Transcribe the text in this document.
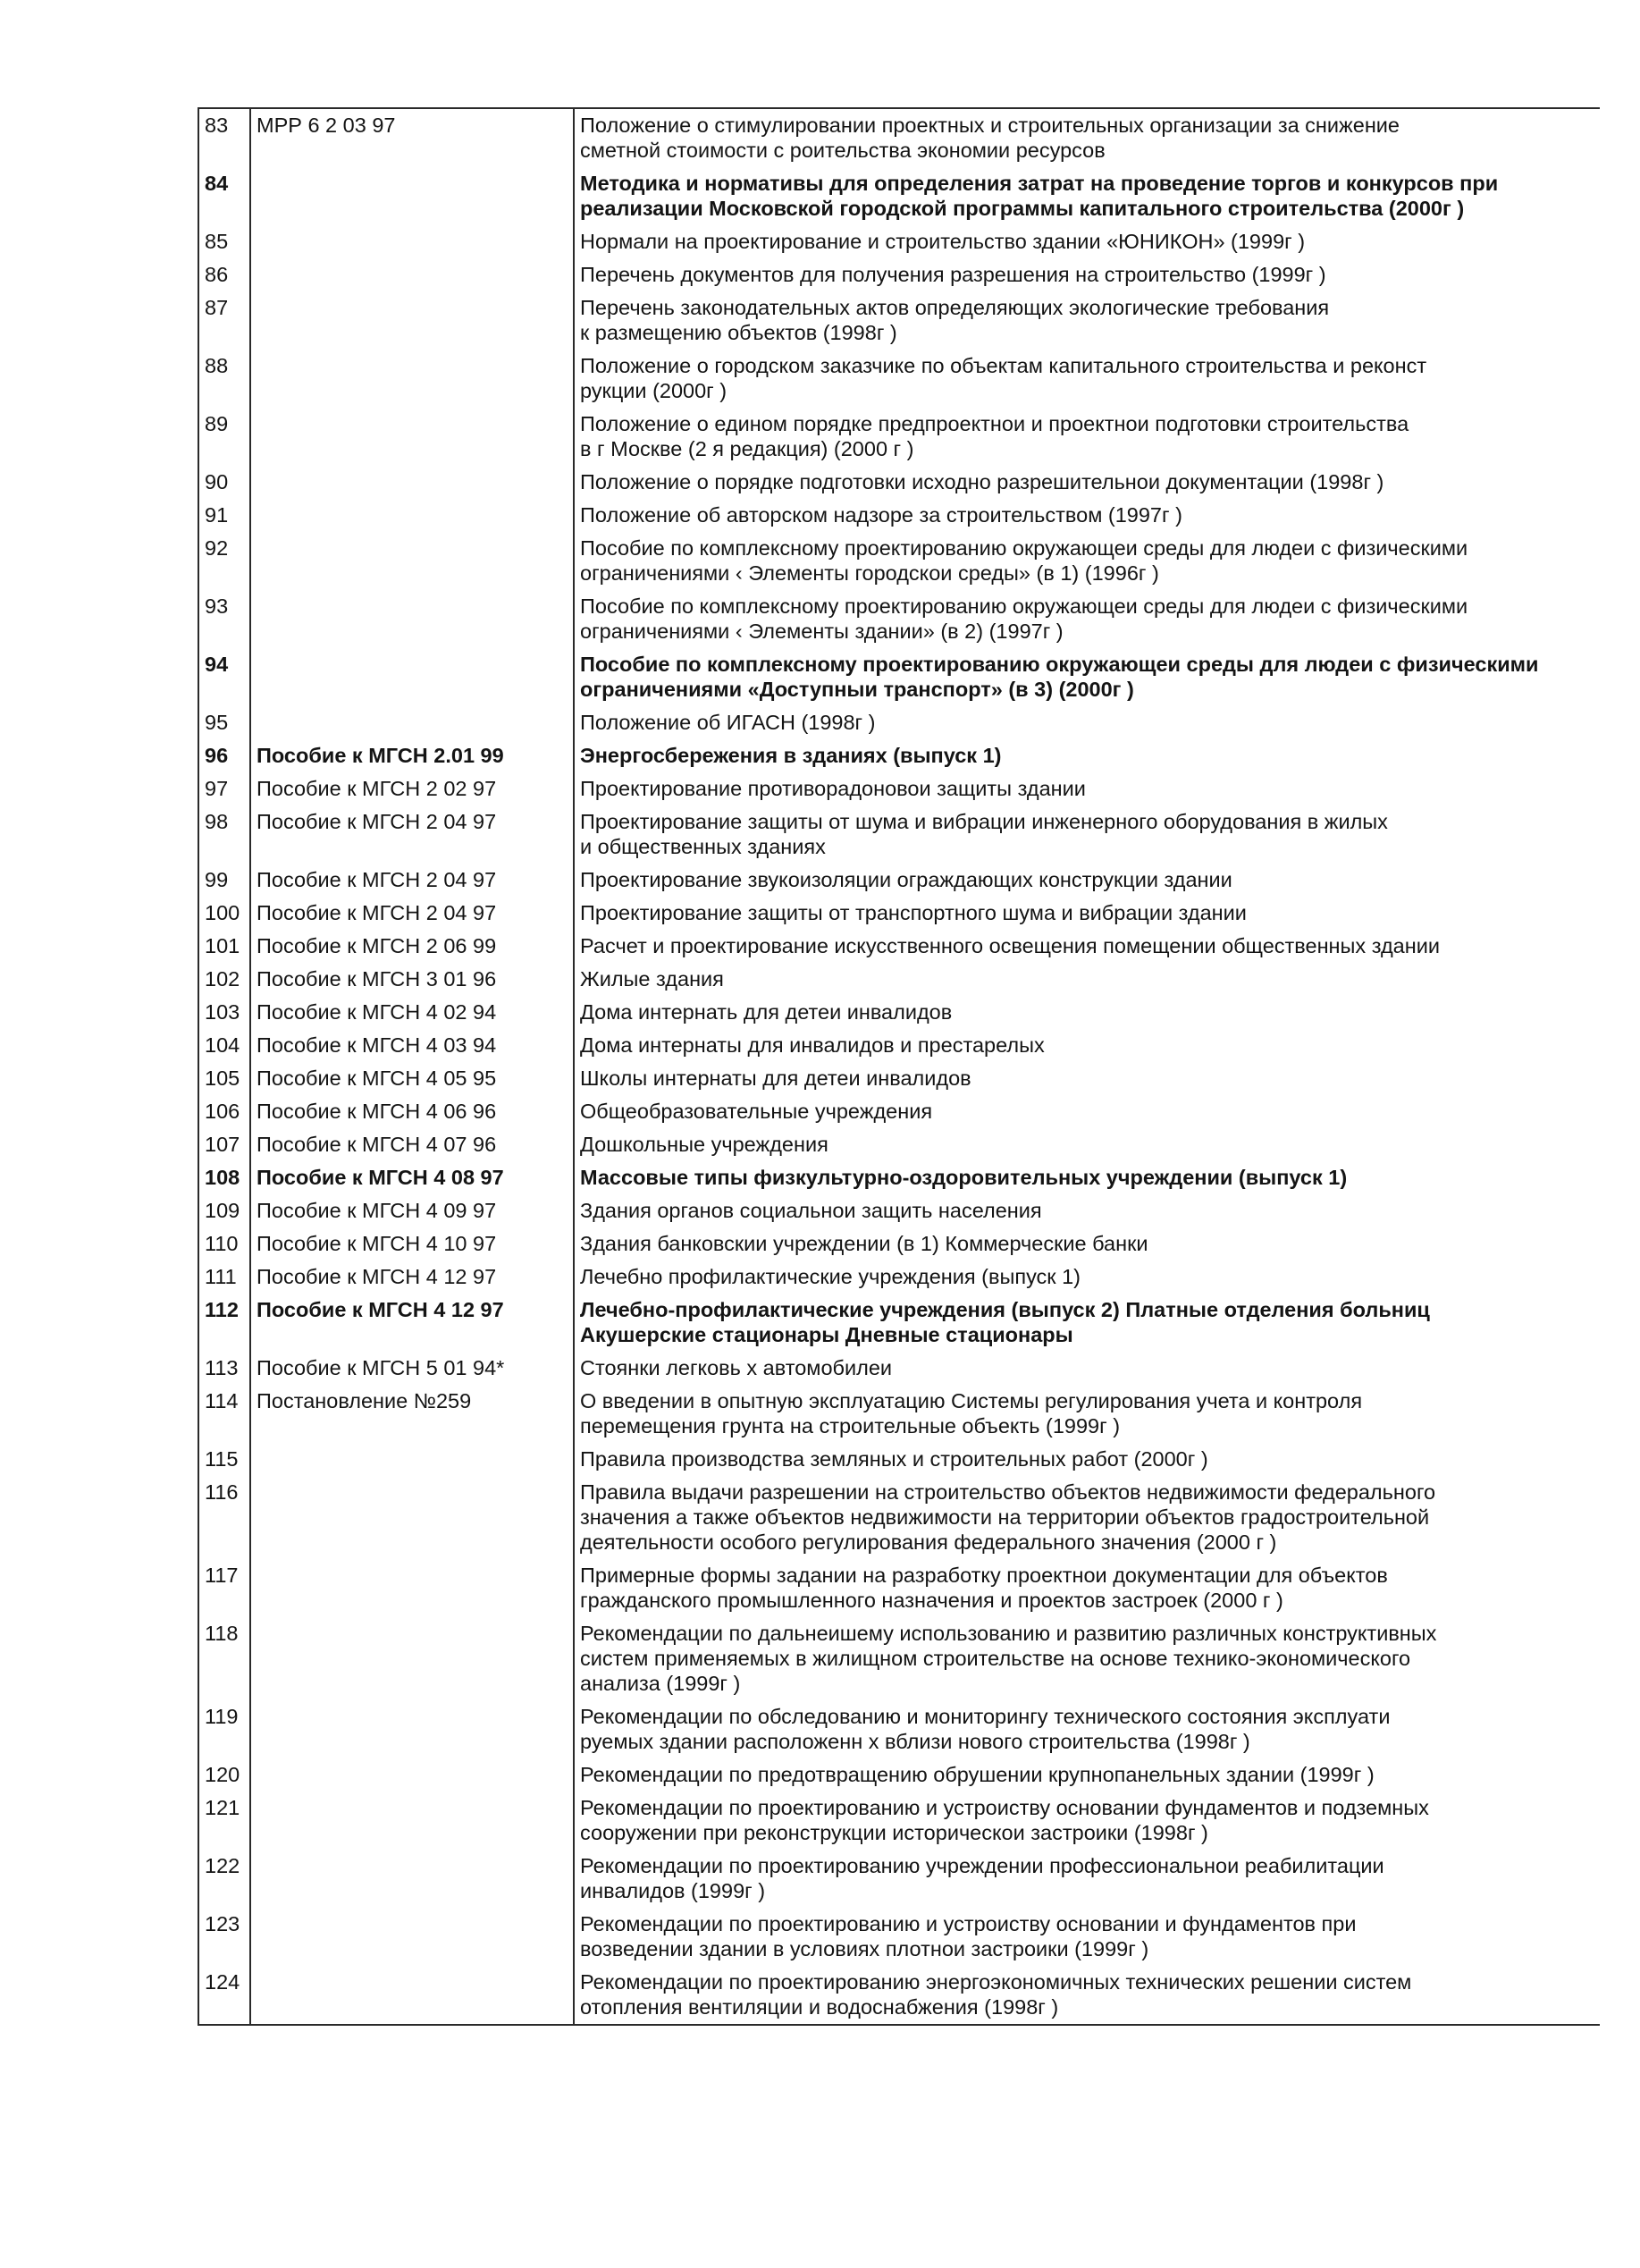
83	МРР 6 2 03 97	Положение о стимулировании проектных и строительных организации за снижение
сметной стоимости с роительства экономии ресурсов
84		Методика и нормативы для определения затрат на проведение торгов и конкурсов при
реализации Московской городской программы капитального строительства (2000г )
85		Нормали на проектирование и строительство здании «ЮНИКОН» (1999г )
86		Перечень документов для получения разрешения на строительство (1999г )
87		Перечень законодательных актов определяющих экологические требования
к размещению объектов (1998г )
88		Положение о городском заказчике по объектам капитального строительства и реконст
рукции (2000г )
89		Положение о едином порядке предпроектнои и проектнои подготовки строительства
в г Москве (2 я редакция) (2000 г )
90		Положение о порядке подготовки исходно разрешительнои документации (1998г )
91		Положение об авторском надзоре за строительством (1997г )
92		Пособие по комплексному проектированию окружающеи среды для людеи с физическими
ограничениями ‹ Элементы городскои среды» (в 1) (1996г )
93		Пособие по комплексному проектированию окружающеи среды для людеи с физическими
ограничениями ‹ Элементы здании» (в 2) (1997г )
94		Пособие по комплексному проектированию окружающеи среды для людеи с физическими
ограничениями «Доступныи транспорт» (в 3) (2000г )
95		Положение об ИГАСН (1998г )
96	Пособие к МГСН 2.01 99	Энергосбережения в зданиях (выпуск 1)
97	Пособие к МГСН 2 02 97	Проектирование противорадоновои защиты здании
98	Пособие к МГСН 2 04 97	Проектирование защиты от шума и вибрации инженерного оборудования в жилых
и общественных зданиях
99	Пособие к МГСН 2 04 97	Проектирование звукоизоляции ограждающих конструкции здании
100	Пособие к МГСН 2 04 97	Проектирование защиты от транспортного шума и вибрации здании
101	Пособие к МГСН 2 06 99	Расчет и проектирование искусственного освещения помещении общественных здании
102	Пособие к МГСН 3 01 96	Жилые здания
103	Пособие к МГСН 4 02 94	Дома интернать для детеи инвалидов
104	Пособие к МГСН 4 03 94	Дома интернаты для инвалидов и престарелых
105	Пособие к МГСН 4 05 95	Школы интернаты для детеи инвалидов
106	Пособие к МГСН 4 06 96	Общеобразовательные учреждения
107	Пособие к МГСН 4 07 96	Дошкольные учреждения
108	Пособие к МГСН 4 08 97	Массовые типы физкультурно-оздоровительных учреждении (выпуск 1)
109	Пособие к МГСН 4 09 97	Здания органов социальнои защить населения
110	Пособие к МГСН 4 10 97	Здания банковскии учреждении (в 1) Коммерческие банки
111	Пособие к МГСН 4 12 97	Лечебно профилактические учреждения (выпуск 1)
112	Пособие к МГСН 4 12 97	Лечебно-профилактические учреждения (выпуск 2) Платные отделения больниц
Акушерские стационары Дневные стационары
113	Пособие к МГСН 5 01 94*	Стоянки легковь х автомобилеи
114	Постановление №259	О введении в опытную эксплуатацию Системы регулирования учета и контроля
перемещения грунта на строительные объекть (1999г )
115		Правила производства земляных и строительных работ (2000г )
116		Правила выдачи разрешении на строительство объектов недвижимости федерального
значения а также объектов недвижимости на территории объектов градостроительной
деятельности особого регулирования федерального значения (2000 г )
117		Примерные формы задании на разработку проектнои документации для объектов
гражданского промышленного назначения и проектов застроек (2000 г )
118		Рекомендации по дальнеишему использованию и развитию различных конструктивных
систем применяемых в жилищном строительстве на основе технико-экономического
анализа (1999г )
119		Рекомендации по обследованию и мониторингу технического состояния эксплуати
руемых здании расположенн х вблизи нового строительства (1998г )
120		Рекомендации по предотвращению обрушении крупнопанельных здании (1999г )
121		Рекомендации по проектированию и устроиству основании фундаментов и подземных
сооружении при реконструкции историческои застроики (1998г )
122		Рекомендации по проектированию учреждении профессиональнои реабилитации
инвалидов (1999г )
123		Рекомендации по проектированию и устроиству основании и фундаментов при
возведении здании в условиях плотнои застроики (1999г )
124		Рекомендации по проектированию энергоэкономичных технических решении систем
отопления вентиляции и водоснабжения (1998г )
